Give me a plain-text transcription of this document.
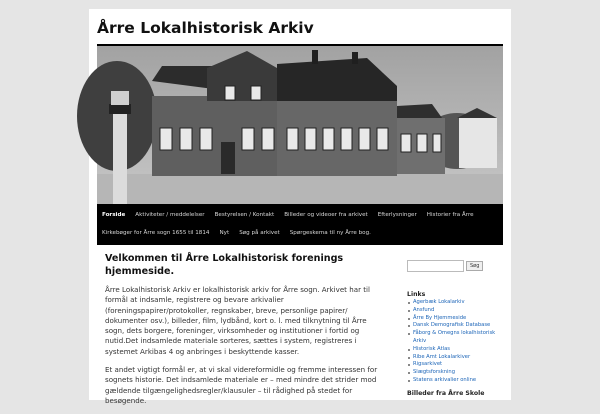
Årre Lokalhistorisk Arkiv
Forside	Aktiviteter / meddelelser	Bestyrelsen / Kontakt	Billeder og videoer fra arkivet	Efterlysninger	Historier fra Årre
Kirkebøger for Årre sogn 1655 til 1814	Nyt	Søg på arkivet	Spørgeskema til ny Årre bog.
Velkommen til Årre Lokalhistorisk forenings hjemmeside.

Årre Lokalhistorisk Arkiv er lokalhistorisk arkiv for Årre sogn. Arkivet har til formål at indsamle, registrere og bevare arkivalier (foreningspapirer/protokoller, regnskaber, breve, personlige papirer/ dokumenter osv.), billeder, film, lydbånd, kort o. l. med tilknytning til Årre sogn, dets borgere, foreninger, virksomheder og institutioner i fortid og nutid.Det indsamlede materiale sorteres, sættes i system, registreres i systemet Arkibas 4 og anbringes i beskyttende kasser.

Et andet vigtigt formål er, at vi skal videreformidle og fremme interessen for sognets historie. Det indsamlede materiale er – med mindre det strider mod gældende tilgængelighedsregler/klausuler – til rådighed på stedet for besøgende.

Søg
Links
Agerbæk Lokalarkiv
Ansfund
Årre By Hjemmeside
Dansk Demografisk Database
Fåborg & Omegns lokalhistorisk Arkiv
Historisk Atlas
Ribe Amt Lokalarkiver
Rigsarkivet
Slægtsforskning
Statens arkivalier online
Billeder fra Årre Skole
